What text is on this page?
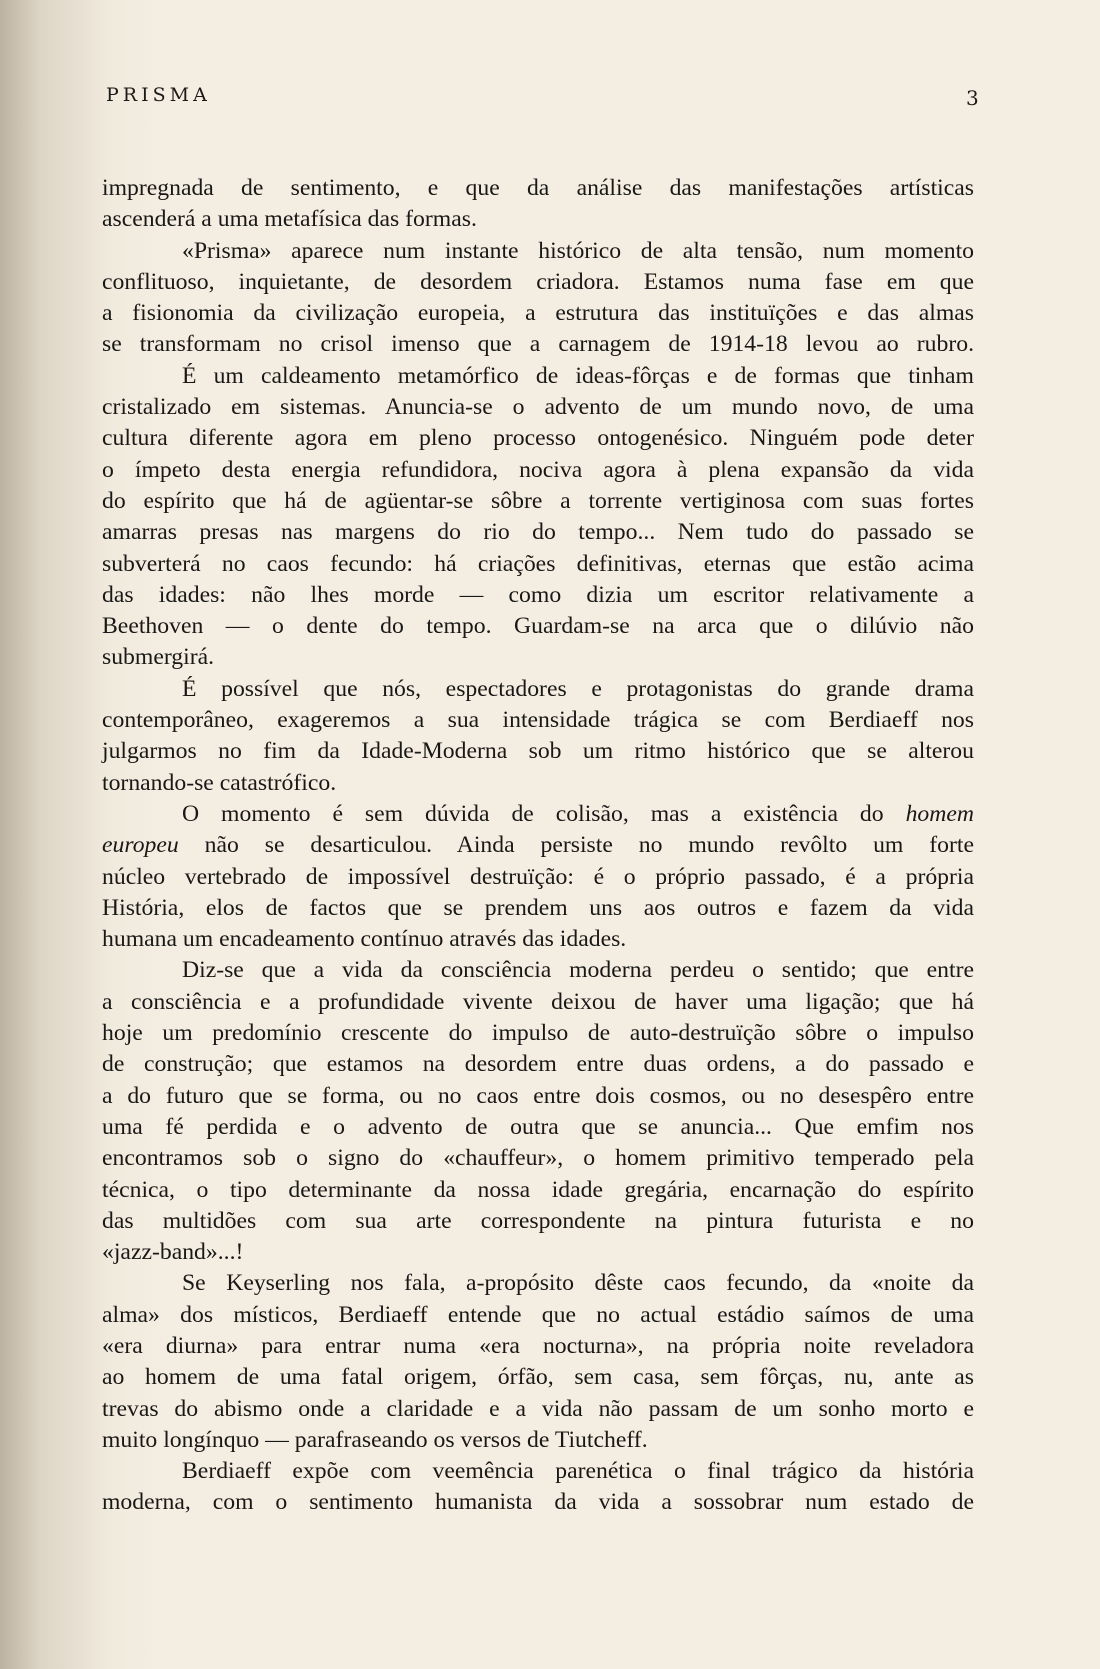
PRISMA	3
impregnada de sentimento, e que da análise das manifestações artísticas
ascenderá a uma metafísica das formas.
«Prisma» aparece num instante histórico de alta tensão, num momento
conflituoso, inquietante, de desordem criadora. Estamos numa fase em que
a fisionomia da civilização europeia, a estrutura das instituïções e das almas
se transformam no crisol imenso que a carnagem de 1914-18 levou ao rubro.
É um caldeamento metamórfico de ideas-fôrças e de formas que tinham
cristalizado em sistemas. Anuncia-se o advento de um mundo novo, de uma
cultura diferente agora em pleno processo ontogenésico. Ninguém pode deter
o ímpeto desta energia refundidora, nociva agora à plena expansão da vida
do espírito que há de agüentar-se sôbre a torrente vertiginosa com suas fortes
amarras presas nas margens do rio do tempo... Nem tudo do passado se
subverterá no caos fecundo: há criações definitivas, eternas que estão acima
das idades: não lhes morde — como dizia um escritor relativamente a
Beethoven — o dente do tempo. Guardam-se na arca que o dilúvio não
submergirá.
É possível que nós, espectadores e protagonistas do grande drama
contemporâneo, exageremos a sua intensidade trágica se com Berdiaeff nos
julgarmos no fim da Idade-Moderna sob um ritmo histórico que se alterou
tornando-se catastrófico.
O momento é sem dúvida de colisão, mas a existência do homem
europeu não se desarticulou. Ainda persiste no mundo revôlto um forte
núcleo vertebrado de impossível destruïção: é o próprio passado, é a própria
História, elos de factos que se prendem uns aos outros e fazem da vida
humana um encadeamento contínuo através das idades.
Diz-se que a vida da consciência moderna perdeu o sentido; que entre
a consciência e a profundidade vivente deixou de haver uma ligação; que há
hoje um predomínio crescente do impulso de auto-destruïção sôbre o impulso
de construção; que estamos na desordem entre duas ordens, a do passado e
a do futuro que se forma, ou no caos entre dois cosmos, ou no desespêro entre
uma fé perdida e o advento de outra que se anuncia... Que emfim nos
encontramos sob o signo do «chauffeur», o homem primitivo temperado pela
técnica, o tipo determinante da nossa idade gregária, encarnação do espírito
das multidões com sua arte correspondente na pintura futurista e no
«jazz-band»...!
Se Keyserling nos fala, a-propósito dêste caos fecundo, da «noite da
alma» dos místicos, Berdiaeff entende que no actual estádio saímos de uma
«era diurna» para entrar numa «era nocturna», na própria noite reveladora
ao homem de uma fatal origem, órfão, sem casa, sem fôrças, nu, ante as
trevas do abismo onde a claridade e a vida não passam de um sonho morto e
muito longínquo — parafraseando os versos de Tiutcheff.
Berdiaeff expõe com veemência parenética o final trágico da história
moderna, com o sentimento humanista da vida a sossobrar num estado de
